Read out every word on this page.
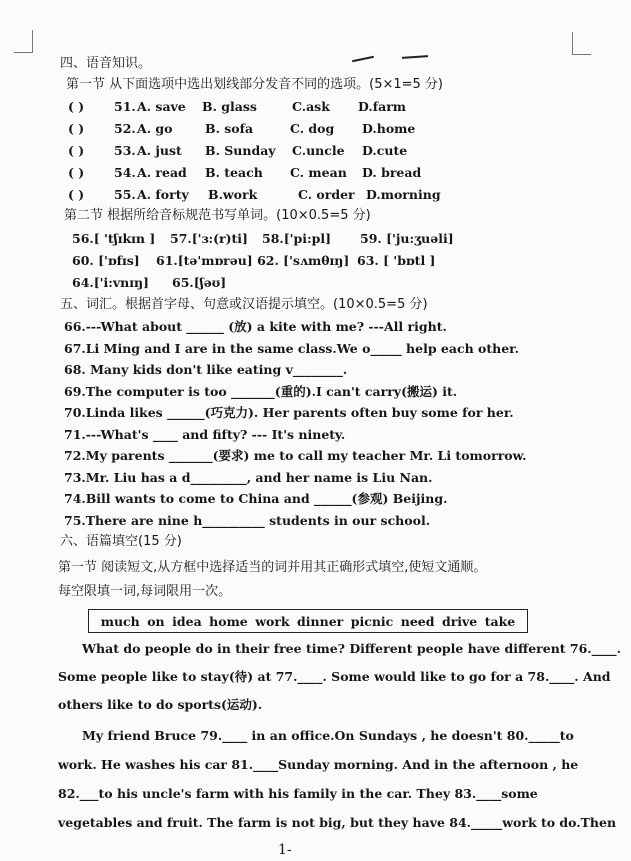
四、语音知识。
第一节 从下面选项中选出划线部分发音不同的选项。(5×1=5 分)
( ) 51. A. save B. glass	C.ask D.farm
( ) 52. A. go	B. sofa	C. dog D.home
( ) 53. A. just B. Sunday C.uncle D.cute
( ) 54. A. read B. teach C. mean D. bread
( ) 55. A. forty B.work	C. order D.morning
第二节 根据所给音标规范书写单词。(10×0.5=5 分)
56.[ 'tʃɪkɪn ] 57.['ɜ:(r)ti] 58.['pi:pl] 59. ['ju:ʒuəli]
60. ['ɒfɪs] 61.[tə'mɒrəu] 62. ['sʌmθɪŋ] 63. [ 'bɒtl ]
64.['i:vnɪŋ] 65.[ʃəʊ]
五、词汇。根据首字母、句意或汉语提示填空。(10×0.5=5 分)
66.---What about ______ (放) a kite with me? ---All right.
67.Li Ming and I are in the same class.We o_____ help each other.
68. Many kids don't like eating v________.
69.The computer is too _______(重的).I can't carry(搬运) it.
70.Linda likes ______(巧克力). Her parents often buy some for her.
71.---What's ____ and fifty? --- It's ninety.
72.My parents _______(要求) me to call my teacher Mr. Li tomorrow.
73.Mr. Liu has a d_________, and her name is Liu Nan.
74.Bill wants to come to China and ______(参观) Beijing.
75.There are nine h__________ students in our school.
六、语篇填空(15 分)
第一节 阅读短文,从方框中选择适当的词并用其正确形式填空,使短文通顺。
每空限填一词,每词限用一次。
much on idea home work dinner picnic need drive take
What do people do in their free time? Different people have different 76.____.
Some people like to stay(待) at 77.____. Some would like to go for a 78.____. And
others like to do sports(运动).
My friend Bruce 79.____ in an office.On Sundays , he doesn't 80._____to
work. He washes his car 81.____Sunday morning. And in the afternoon , he
82.___to his uncle's farm with his family in the car. They 83.____some
vegetables and fruit. The farm is not big, but they have 84._____work to do.Then
1-
